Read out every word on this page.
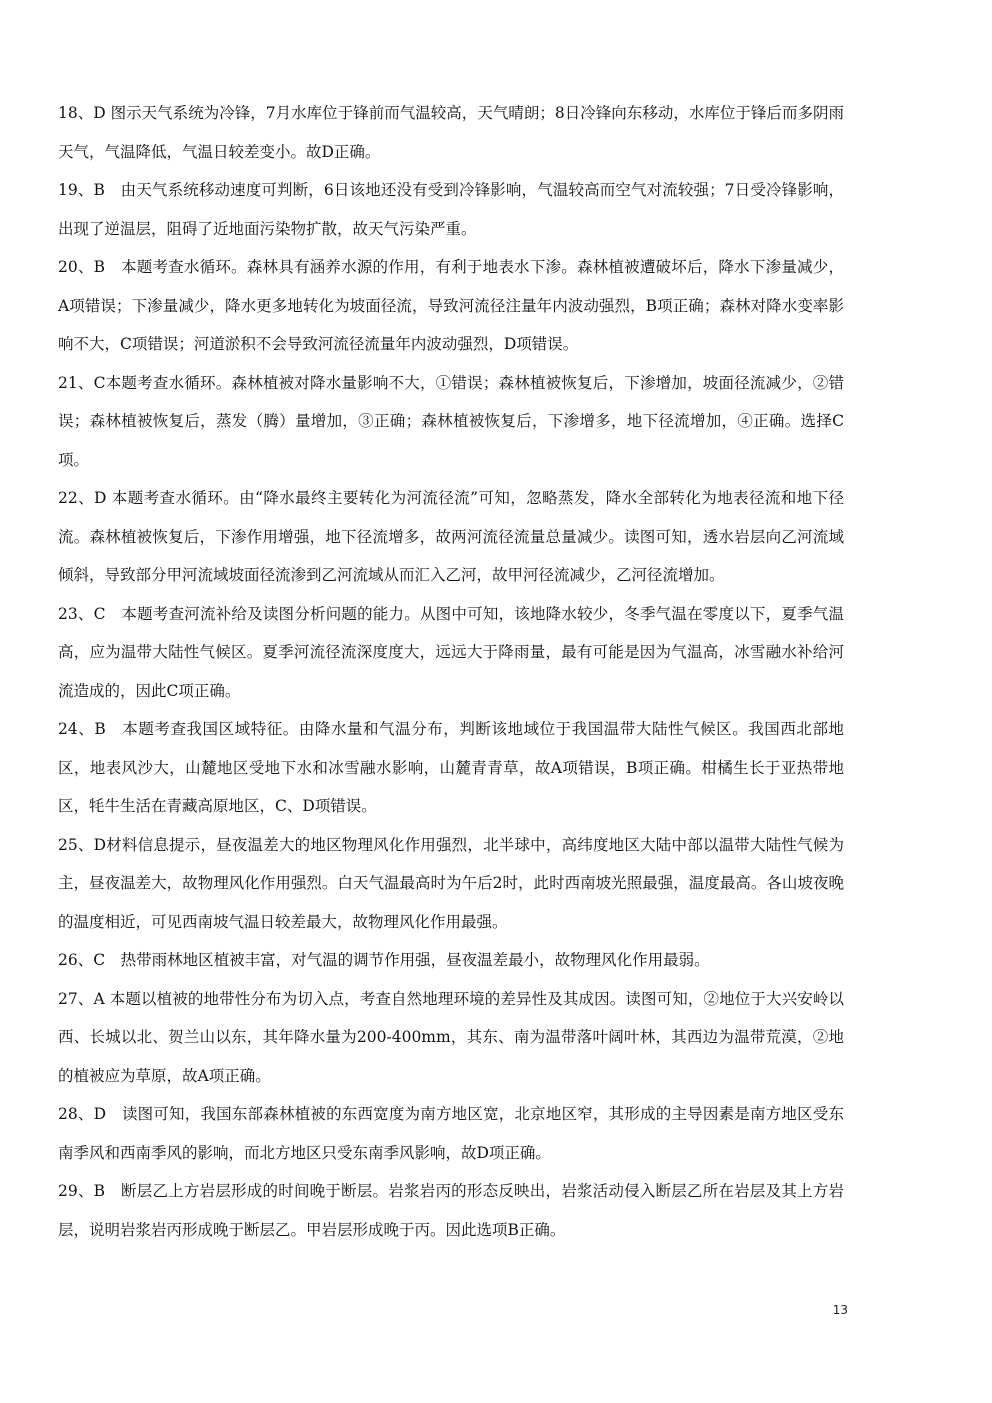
18、D 图示天气系统为冷锋，7月水库位于锋前而气温较高，天气晴朗；8日冷锋向东移动，水库位于锋后而多阴雨天气，气温降低，气温日较差变小。故D正确。

19、B　由天气系统移动速度可判断，6日该地还没有受到冷锋影响，气温较高而空气对流较强；7日受冷锋影响，出现了逆温层，阻碍了近地面污染物扩散，故天气污染严重。

20、B　本题考查水循环。森林具有涵养水源的作用，有利于地表水下渗。森林植被遭破坏后，降水下渗量减少，A项错误；下渗量减少，降水更多地转化为坡面径流，导致河流径注量年内波动强烈，B项正确；森林对降水变率影响不大，C项错误；河道淤积不会导致河流径流量年内波动强烈，D项错误。

21、C本题考查水循环。森林植被对降水量影响不大，①错误；森林植被恢复后，下渗增加，坡面径流减少，②错误；森林植被恢复后，蒸发（腾）量增加，③正确；森林植被恢复后，下渗增多，地下径流增加，④正确。选择C项。

22、D 本题考查水循环。由“降水最终主要转化为河流径流”可知，忽略蒸发，降水全部转化为地表径流和地下径流。森林植被恢复后，下渗作用增强，地下径流增多，故两河流径流量总量减少。读图可知，透水岩层向乙河流域倾斜，导致部分甲河流域坡面径流渗到乙河流域从而汇入乙河，故甲河径流减少，乙河径流增加。

23、C　本题考查河流补给及读图分析问题的能力。从图中可知，该地降水较少，冬季气温在零度以下，夏季气温高，应为温带大陆性气候区。夏季河流径流深度度大，远远大于降雨量，最有可能是因为气温高，冰雪融水补给河流造成的，因此C项正确。

24、B　本题考查我国区域特征。由降水量和气温分布，判断该地域位于我国温带大陆性气候区。我国西北部地区，地表风沙大，山麓地区受地下水和冰雪融水影响，山麓青青草，故A项错误，B项正确。柑橘生长于亚热带地区，牦牛生活在青藏高原地区，C、D项错误。

25、D材料信息提示，昼夜温差大的地区物理风化作用强烈，北半球中，高纬度地区大陆中部以温带大陆性气候为主，昼夜温差大，故物理风化作用强烈。白天气温最高时为午后2时，此时西南坡光照最强，温度最高。各山坡夜晚的温度相近，可见西南坡气温日较差最大，故物理风化作用最强。

26、C　热带雨林地区植被丰富，对气温的调节作用强，昼夜温差最小，故物理风化作用最弱。

27、A 本题以植被的地带性分布为切入点，考查自然地理环境的差异性及其成因。读图可知，②地位于大兴安岭以西、长城以北、贺兰山以东，其年降水量为200-400mm，其东、南为温带落叶阔叶林，其西边为温带荒漠，②地的植被应为草原，故A项正确。

28、D　读图可知，我国东部森林植被的东西宽度为南方地区宽，北京地区窄，其形成的主导因素是南方地区受东南季风和西南季风的影响，而北方地区只受东南季风影响，故D项正确。

29、B　断层乙上方岩层形成的时间晚于断层。岩浆岩丙的形态反映出，岩浆活动侵入断层乙所在岩层及其上方岩层，说明岩浆岩丙形成晚于断层乙。甲岩层形成晚于丙。因此选项B正确。

13
